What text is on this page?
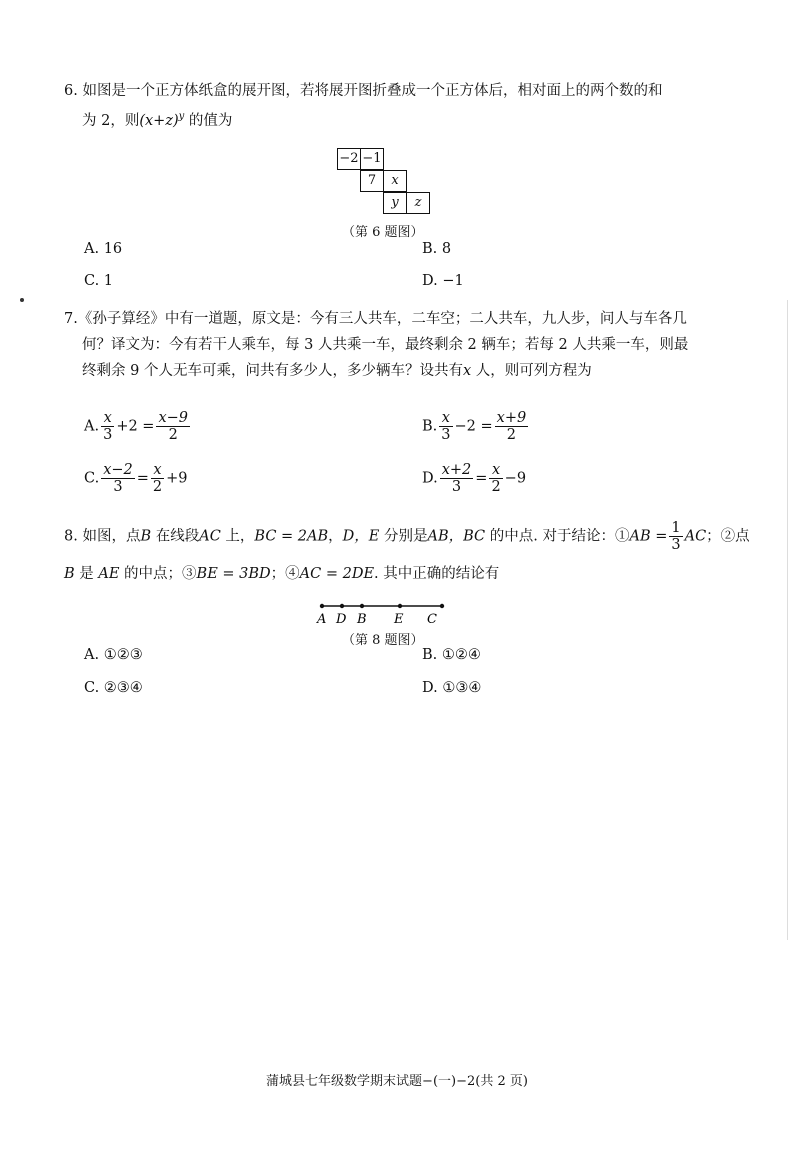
6. 如图是一个正方体纸盒的展开图，若将展开图折叠成一个正方体后，相对面上的两个数的和
为 2，则$(x+z)^y$ 的值为
−2 −1
7	x
y	z
（第 6 题图）
A. 16	B. 8
C. 1	D. −1
7.《孙子算经》中有一道题，原文是：今有三人共车，二车空；二人共车，九人步，问人与车各几
何？译文为：今有若干人乘车，每 3 人共乘一车，最终剩余 2 辆车；若每 2 人共乘一车，则最
终剩余 9 个人无车可乘，问共有多少人，多少辆车？设共有x 人，则可列方程为
A. $\frac{x}{3} +2 = \frac{x-9}{2}$	B. $\frac{x}{3} -2 = \frac{x+9}{2}$
C. $\frac{x-2}{3} = \frac{x}{2} +9$	D. $\frac{x+2}{3} = \frac{x}{2} -9$
8. 如图，点B 在线段AC 上，BC = 2AB，D，E 分别是AB，BC 的中点. 对于结论：①AB = $\frac{1}{3}$ AC；②点
B 是 AE 的中点；③BE = 3BD；④AC = 2DE. 其中正确的结论有
A D B E C
（第 8 题图）
A. ①②③	B. ①②④
C. ②③④	D. ①③④
蒲城县七年级数学期末试题−(一)−2(共 2 页)
